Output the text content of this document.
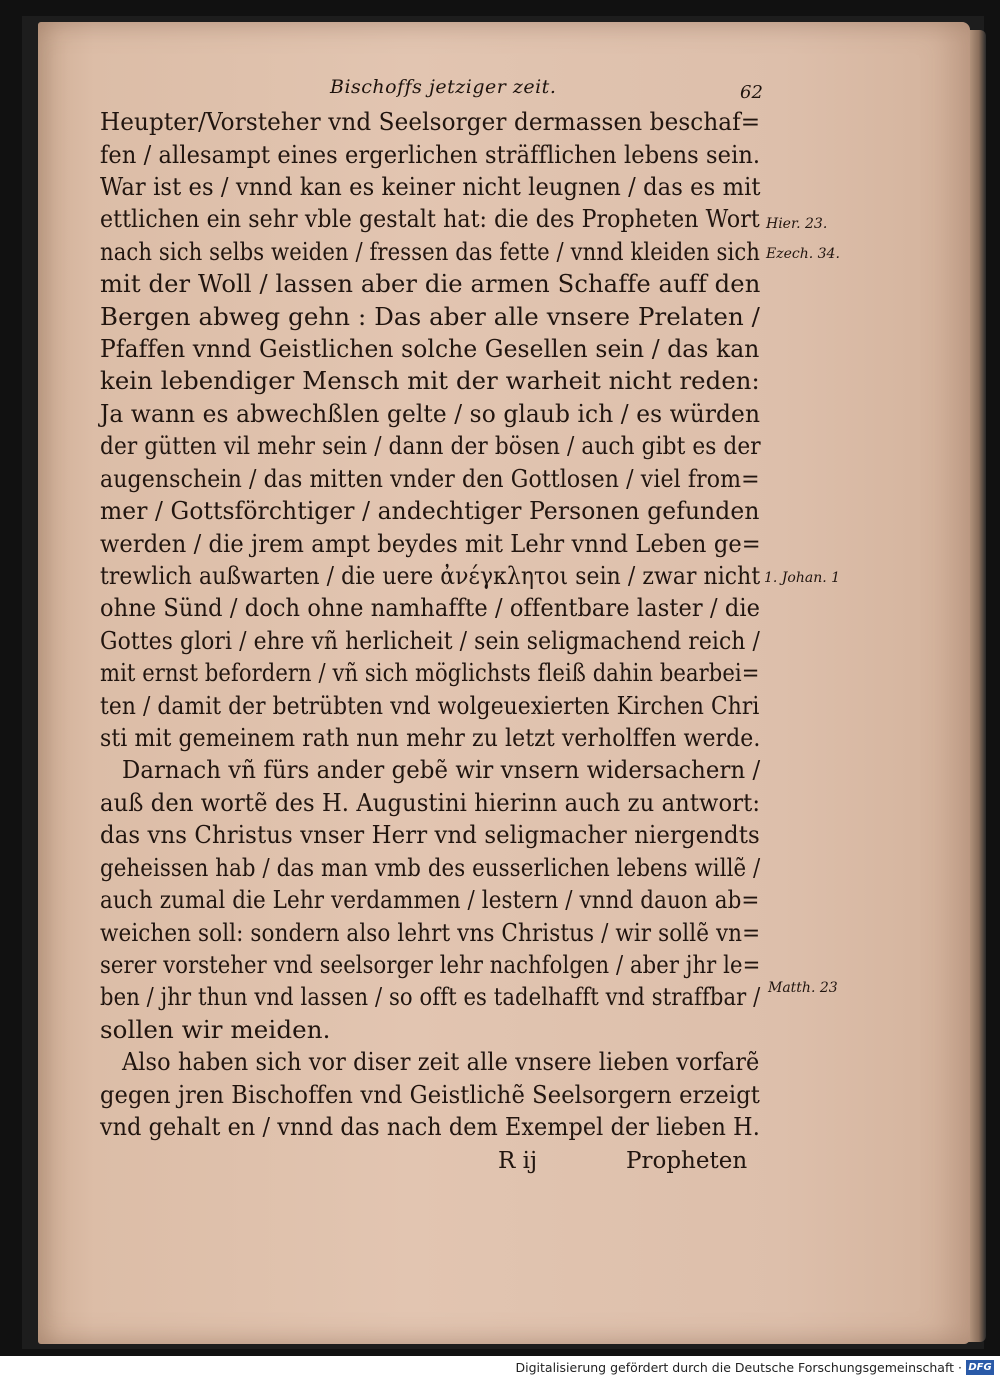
Bischoffs jetziger zeit.	62
Heupter/Vorsteher vnd Seelsorger dermassen beschaf=
fen / allesampt eines ergerlichen sträfflichen lebens sein.
War ist es / vnnd kan es keiner nicht leugnen / das es mit
ettlichen ein sehr vble gestalt hat: die des Propheten Wort
nach sich selbs weiden / fressen das fette / vnnd kleiden sich
mit der Woll / lassen aber die armen Schaffe auff den
Bergen abweg gehn : Das aber alle vnsere Prelaten /
Pfaffen vnnd Geistlichen solche Gesellen sein / das kan
kein lebendiger Mensch mit der warheit nicht reden:
Ja wann es abwechßlen gelte / so glaub ich / es würden
der gütten vil mehr sein / dann der bösen / auch gibt es der
augenschein / das mitten vnder den Gottlosen / viel from=
mer / Gottsförchtiger / andechtiger Personen gefunden
werden / die jrem ampt beydes mit Lehr vnnd Leben ge=
trewlich außwarten / die uere ἀνέγκλητοι sein / zwar nicht
ohne Sünd / doch ohne namhaffte / offentbare laster / die
Gottes glori / ehre vñ herlicheit / sein seligmachend reich /
mit ernst befordern / vñ sich möglichsts fleiß dahin bearbei=
ten / damit der betrübten vnd wolgeuexierten Kirchen Chri
sti mit gemeinem rath nun mehr zu letzt verholffen werde.
Darnach vñ fürs ander gebẽ wir vnsern widersachern /
auß den wortẽ des H. Augustini hierinn auch zu antwort:
das vns Christus vnser Herr vnd seligmacher niergendts
geheissen hab / das man vmb des eusserlichen lebens willẽ /
auch zumal die Lehr verdammen / lestern / vnnd dauon ab=
weichen soll: sondern also lehrt vns Christus / wir sollẽ vn=
serer vorsteher vnd seelsorger lehr nachfolgen / aber jhr le=
ben / jhr thun vnd lassen / so offt es tadelhafft vnd straffbar /
sollen wir meiden.
Also haben sich vor diser zeit alle vnsere lieben vorfarẽ
gegen jren Bischoffen vnd Geistlichẽ Seelsorgern erzeigt
vnd gehalt en / vnnd das nach dem Exempel der lieben H.
Hier. 23.
Ezech. 34.
1. Johan. 1
Matth. 23
R ij	Propheten
Digitalisierung gefördert durch die Deutsche Forschungsgemeinschaft · DFG
